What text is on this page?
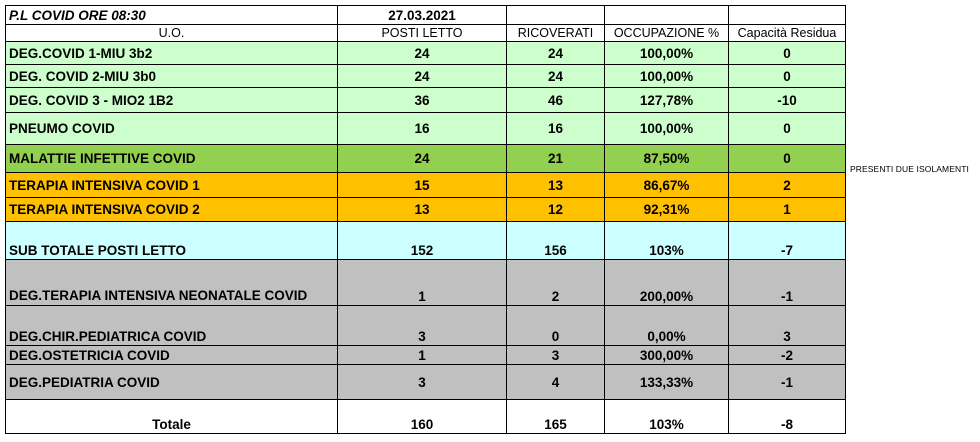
P.L COVID ORE 08:30	27.03.2021			
U.O.	POSTI LETTO	RICOVERATI	OCCUPAZIONE %	Capacità Residua
DEG.COVID 1-MIU 3b2	24	24	100,00%	0
DEG. COVID 2-MIU 3b0	24	24	100,00%	0
DEG. COVID 3 - MIO2 1B2	36	46	127,78%	-10
PNEUMO COVID	16	16	100,00%	0
MALATTIE INFETTIVE COVID	24	21	87,50%	0
TERAPIA INTENSIVA COVID 1	15	13	86,67%	2
TERAPIA INTENSIVA COVID 2	13	12	92,31%	1
SUB TOTALE POSTI LETTO	152	156	103%	-7
DEG.TERAPIA INTENSIVA NEONATALE COVID	1	2	200,00%	-1
DEG.CHIR.PEDIATRICA COVID	3	0	0,00%	3
DEG.OSTETRICIA COVID	1	3	300,00%	-2
DEG.PEDIATRIA COVID	3	4	133,33%	-1
Totale	160	165	103%	-8
PRESENTI DUE ISOLAMENTI
